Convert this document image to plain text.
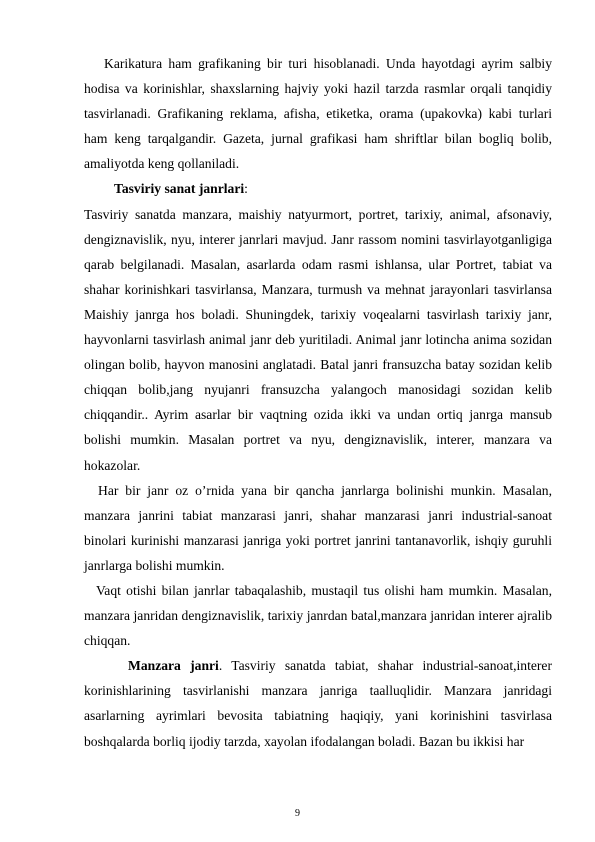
Karikatura ham grafikaning bir turi hisoblanadi. Unda hayotdagi ayrim salbiy hodisa va korinishlar, shaxslarning hajviy yoki hazil tarzda rasmlar orqali tanqidiy tasvirlanadi. Grafikaning reklama, afisha, etiketka, orama (upakovka) kabi turlari ham keng tarqalgandir. Gazeta, jurnal grafikasi ham shriftlar bilan bogliq bolib, amaliyotda keng qollaniladi.

Tasviriy sanat janrlari:

Tasviriy sanatda manzara, maishiy natyurmort, portret, tarixiy, animal, afsonaviy, dengiznavislik, nyu, interer janrlari mavjud. Janr rassom nomini tasvirlayotganligiga qarab belgilanadi. Masalan, asarlarda odam rasmi ishlansa, ular Portret, tabiat va shahar korinishkari tasvirlansa, Manzara, turmush va mehnat jarayonlari tasvirlansa Maishiy janrga hos boladi. Shuningdek, tarixiy voqealarni tasvirlash tarixiy janr, hayvonlarni tasvirlash animal janr deb yuritiladi. Animal janr lotincha anima sozidan olingan bolib, hayvon manosini anglatadi. Batal janri fransuzcha batay sozidan kelib chiqqan bolib,jang nyujanri fransuzcha yalangoch manosidagi sozidan kelib chiqqandir.. Ayrim asarlar bir vaqtning ozida ikki va undan ortiq janrga mansub bolishi mumkin. Masalan portret va nyu, dengiznavislik, interer, manzara va hokazolar.

Har bir janr oz o’rnida yana bir qancha janrlarga bolinishi munkin. Masalan, manzara janrini tabiat manzarasi janri, shahar manzarasi janri industrial-sanoat binolari kurinishi manzarasi janriga yoki portret janrini tantanavorlik, ishqiy guruhli janrlarga bolishi mumkin.

Vaqt otishi bilan janrlar tabaqalashib, mustaqil tus olishi ham mumkin. Masalan, manzara janridan dengiznavislik, tarixiy janrdan batal,manzara janridan interer ajralib chiqqan.

Manzara janri. Tasviriy sanatda tabiat, shahar industrial-sanoat,interer korinishlarining tasvirlanishi manzara janriga taalluqlidir. Manzara janridagi asarlarning ayrimlari bevosita tabiatning haqiqiy, yani korinishini tasvirlasa boshqalarda borliq ijodiy tarzda, xayolan ifodalangan boladi. Bazan bu ikkisi har

9
